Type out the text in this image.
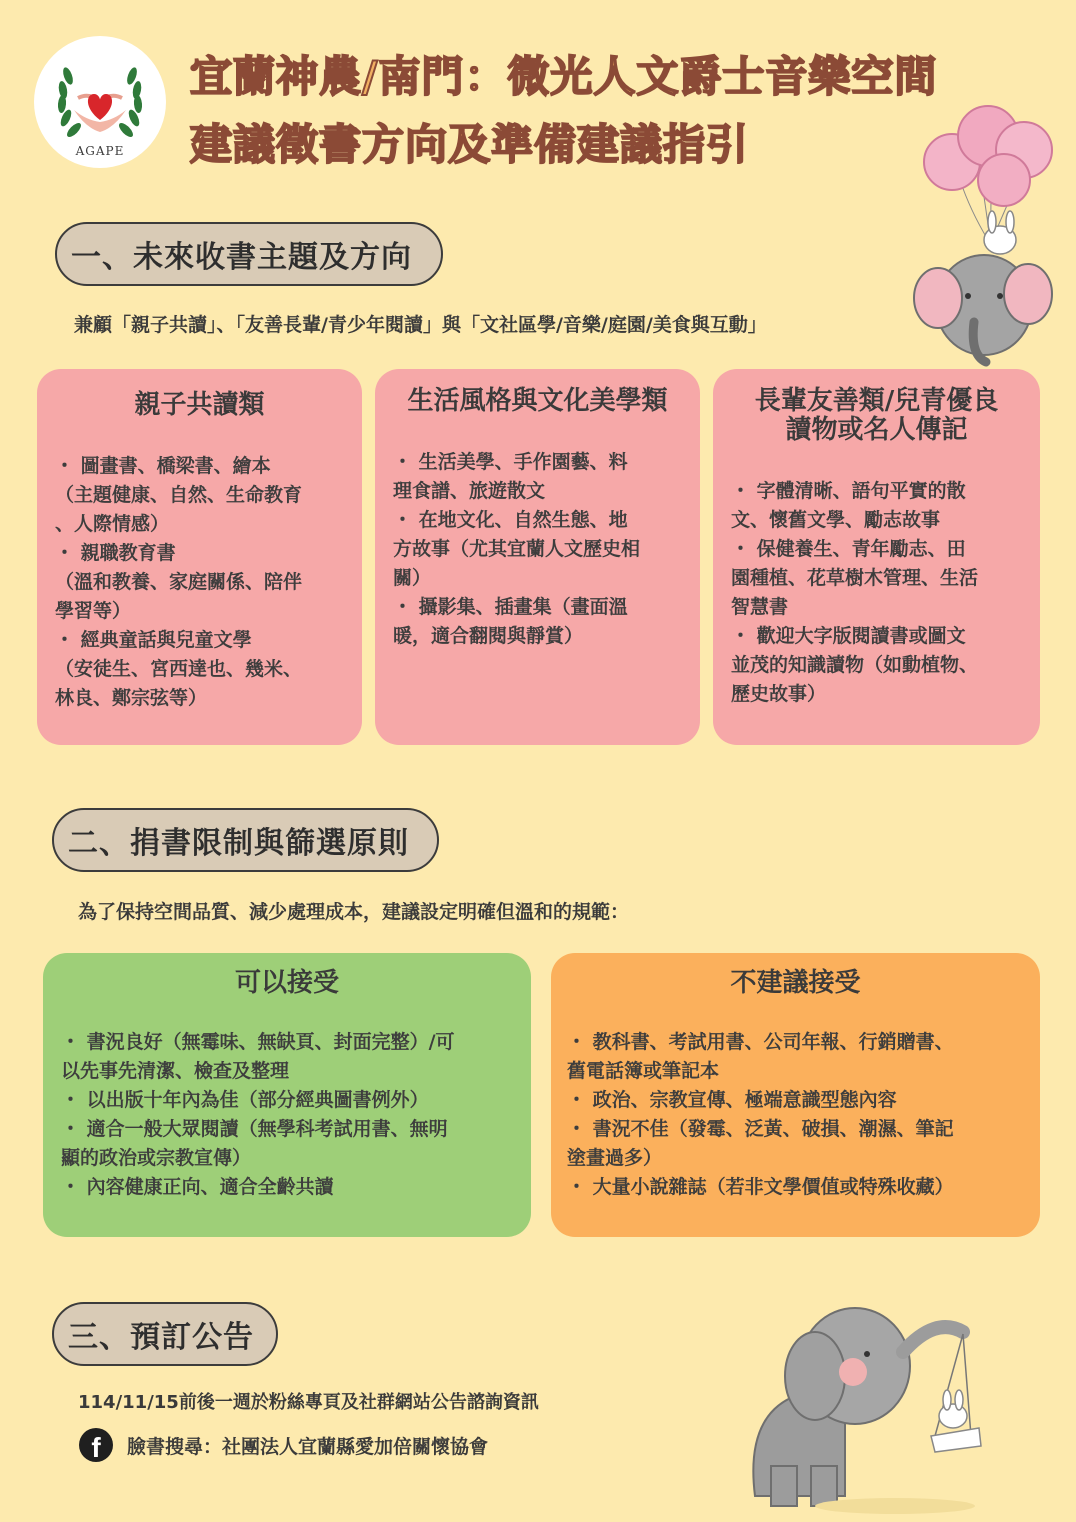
AGAPE
宜蘭神農/南門：微光人文爵士音樂空間
建議徵書方向及準備建議指引
一、未來收書主題及方向
兼顧「親子共讀」、「友善長輩/青少年閱讀」與「文社區學/音樂/庭園/美食與互動」
親子共讀類

・ 圖畫書、橋梁書、繪本

（主題健康、自然、生命教育

、人際情感）

・ 親職教育書

（溫和教養、家庭關係、陪伴

學習等）

・ 經典童話與兒童文學

（安徒生、宮西達也、幾米、

林良、鄭宗弦等）

生活風格與文化美學類

・ 生活美學、手作園藝、料

理食譜、旅遊散文

・ 在地文化、自然生態、地

方故事（尤其宜蘭人文歷史相

關）

・ 攝影集、插畫集（畫面溫

暖，適合翻閱與靜賞）

長輩友善類/兒青優良
讀物或名人傳記

・ 字體清晰、語句平實的散

文、懷舊文學、勵志故事

・ 保健養生、青年勵志、田

園種植、花草樹木管理、生活

智慧書

・ 歡迎大字版閱讀書或圖文

並茂的知識讀物（如動植物、

歷史故事）

二、捐書限制與篩選原則
為了保持空間品質、減少處理成本，建議設定明確但溫和的規範：
可以接受

・ 書況良好（無霉味、無缺頁、封面完整）/可

以先事先清潔、檢查及整理

・ 以出版十年內為佳（部分經典圖書例外）

・ 適合一般大眾閱讀（無學科考試用書、無明

顯的政治或宗教宣傳）

・ 內容健康正向、適合全齡共讀

不建議接受

・ 教科書、考試用書、公司年報、行銷贈書、

舊電話簿或筆記本

・ 政治、宗教宣傳、極端意識型態內容

・ 書況不佳（發霉、泛黃、破損、潮濕、筆記

塗畫過多）

・ 大量小說雜誌（若非文學價值或特殊收藏）

三、預訂公告
114/11/15前後一週於粉絲專頁及社群網站公告諮詢資訊
f	臉書搜尋：社團法人宜蘭縣愛加倍關懷協會
